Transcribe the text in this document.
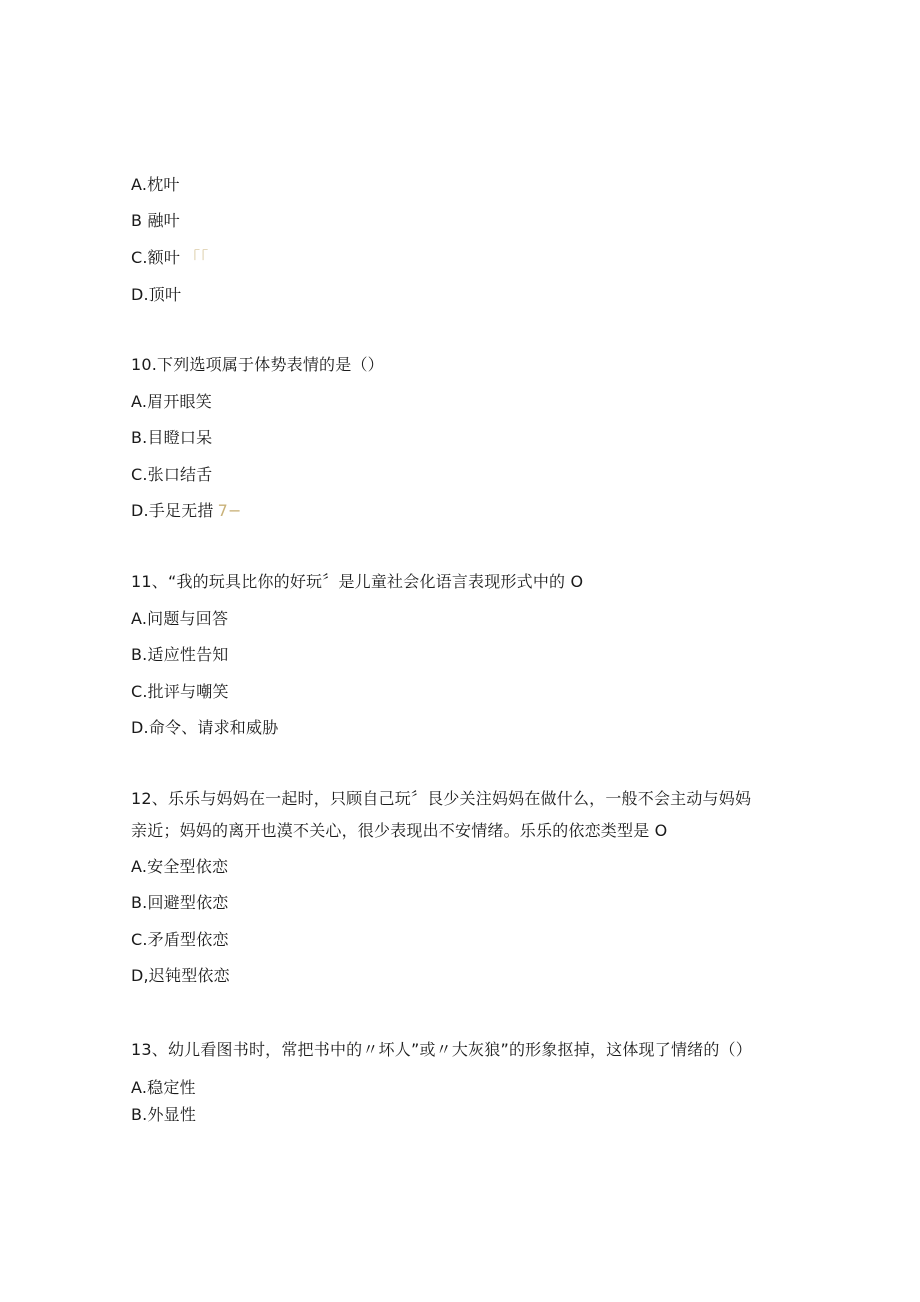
A.枕叶
B 融叶
C.额叶 「「
D.顶叶
10.下列选项属于体势表情的是（）
A.眉开眼笑
B.目瞪口呆
C.张口结舌
D.手足无措 7−
11、“我的玩具比你的好玩〞是儿童社会化语言表现形式中的 O
A.问题与回答
B.适应性告知
C.批评与嘲笑
D.命令、请求和威胁
12、乐乐与妈妈在一起时，只顾自己玩〞艮少关注妈妈在做什么，一般不会主动与妈妈
亲近；妈妈的离开也漠不关心，很少表现出不安情绪。乐乐的依恋类型是 O
A.安全型依恋
B.回避型依恋
C.矛盾型依恋
D,迟钝型依恋
13、幼儿看图书时，常把书中的〃坏人”或〃大灰狼”的形象抠掉，这体现了情绪的（）
A.稳定性
B.外显性
